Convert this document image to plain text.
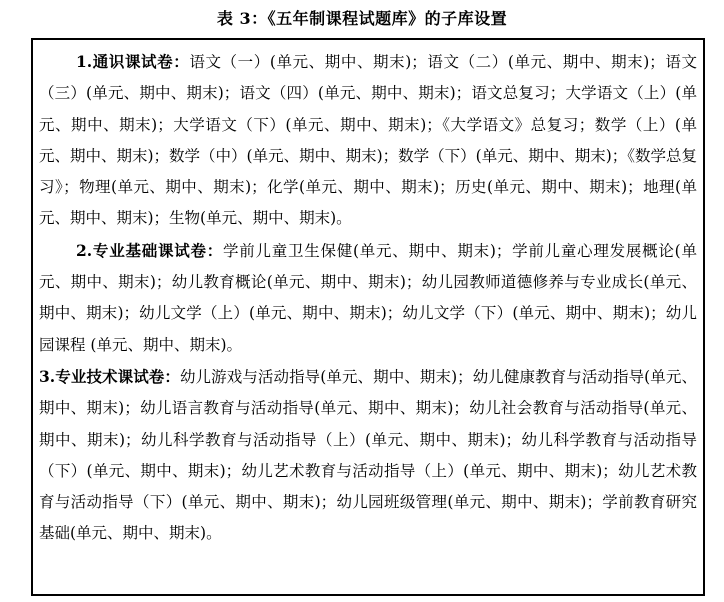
表 3：《五年制课程试题库》的子库设置

1.通识课试卷：语文（一）(单元、期中、期末)；语文（二）(单元、期中、期末)；语文（三）(单元、期中、期末)；语文（四）(单元、期中、期末)；语文总复习；大学语文（上）(单元、期中、期末)；大学语文（下）(单元、期中、期末)；《大学语文》总复习；数学（上）(单元、期中、期末)；数学（中）(单元、期中、期末)；数学（下）(单元、期中、期末)；《数学总复习》；物理(单元、期中、期末)；化学(单元、期中、期末)；历史(单元、期中、期末)；地理(单元、期中、期末)；生物(单元、期中、期末)。

2.专业基础课试卷：学前儿童卫生保健(单元、期中、期末)；学前儿童心理发展概论(单元、期中、期末)；幼儿教育概论(单元、期中、期末)；幼儿园教师道德修养与专业成长(单元、期中、期末)；幼儿文学（上）(单元、期中、期末)；幼儿文学（下）(单元、期中、期末)；幼儿园课程 (单元、期中、期末)。

3.专业技术课试卷：幼儿游戏与活动指导(单元、期中、期末)；幼儿健康教育与活动指导(单元、期中、期末)；幼儿语言教育与活动指导(单元、期中、期末)；幼儿社会教育与活动指导(单元、期中、期末)；幼儿科学教育与活动指导（上）(单元、期中、期末)；幼儿科学教育与活动指导（下）(单元、期中、期末)；幼儿艺术教育与活动指导（上）(单元、期中、期末)；幼儿艺术教育与活动指导（下）(单元、期中、期末)；幼儿园班级管理(单元、期中、期末)；学前教育研究基础(单元、期中、期末)。
